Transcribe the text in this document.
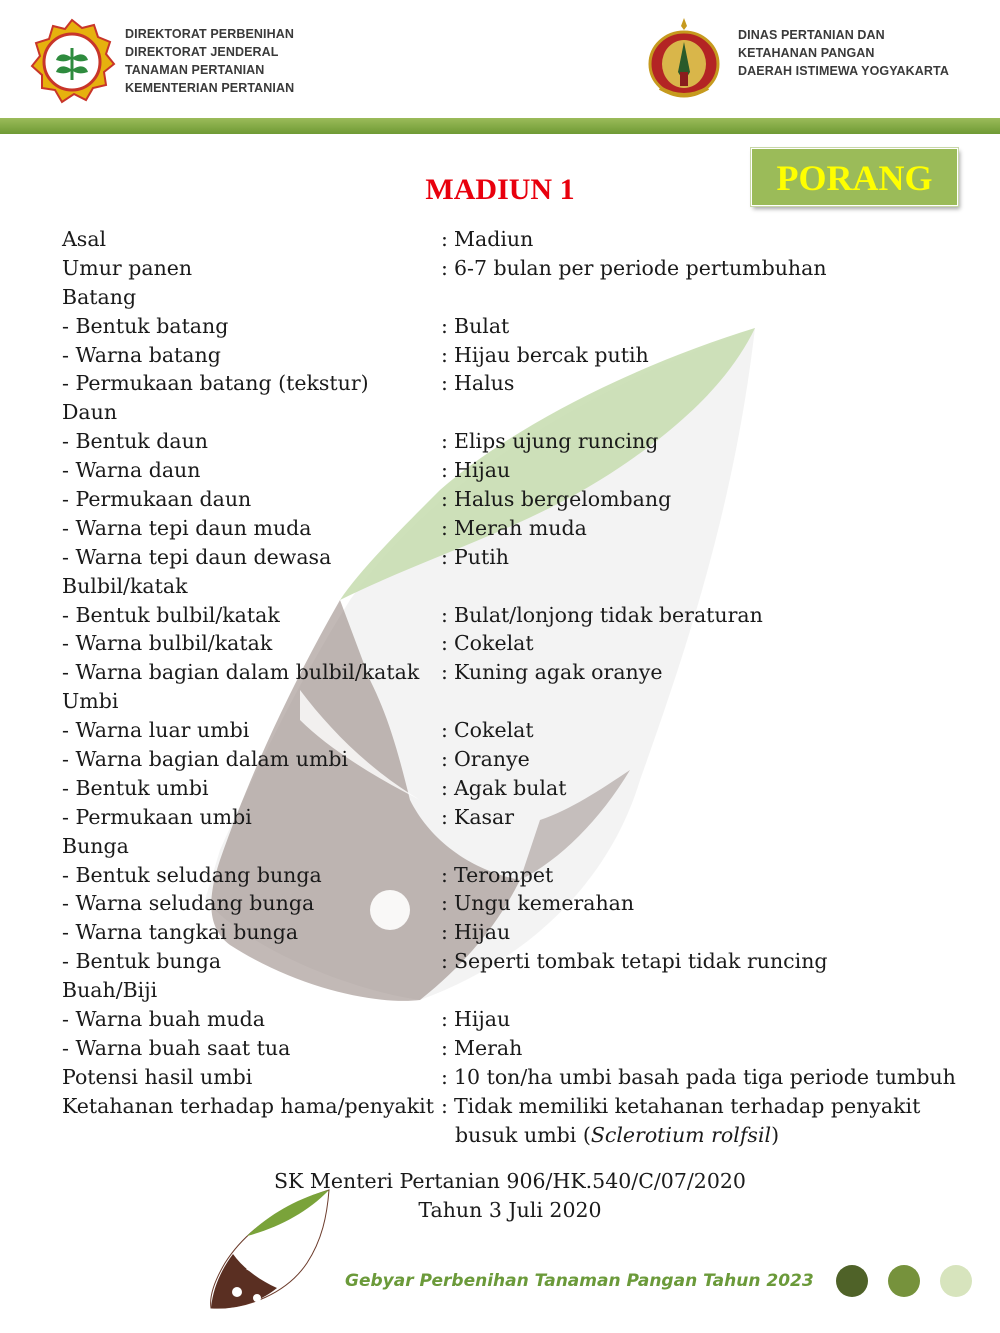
DIREKTORAT PERBENIHAN
DIREKTORAT JENDERAL
TANAMAN PERTANIAN
KEMENTERIAN PERTANIAN
DINAS PERTANIAN DAN
KETAHANAN PANGAN
DAERAH ISTIMEWA YOGYAKARTA
PORANG
MADIUN 1
Asal	: Madiun
Umur panen	: 6-7 bulan per periode pertumbuhan
Batang
- Bentuk batang	: Bulat
- Warna batang	: Hijau bercak putih
- Permukaan batang (tekstur)	: Halus
Daun
- Bentuk daun	: Elips ujung runcing
- Warna daun	: Hijau
- Permukaan daun	: Halus bergelombang
- Warna tepi daun muda	: Merah muda
- Warna tepi daun dewasa	: Putih
Bulbil/katak
- Bentuk bulbil/katak	: Bulat/lonjong tidak beraturan
- Warna bulbil/katak	: Cokelat
- Warna bagian dalam bulbil/katak : Kuning agak oranye
Umbi
- Warna luar umbi	: Cokelat
- Warna bagian dalam umbi	: Oranye
- Bentuk umbi	: Agak bulat
- Permukaan umbi	: Kasar
Bunga
- Bentuk seludang bunga	: Terompet
- Warna seludang bunga	: Ungu kemerahan
- Warna tangkai bunga	: Hijau
- Bentuk bunga	: Seperti tombak tetapi tidak runcing
Buah/Biji
- Warna buah muda	: Hijau
- Warna buah saat tua	: Merah
Potensi hasil umbi	: 10 ton/ha umbi basah pada tiga periode tumbuh
Ketahanan terhadap hama/penyakit : Tidak memiliki ketahanan terhadap penyakit
busuk umbi (Sclerotium rolfsil)
SK Menteri Pertanian 906/HK.540/C/07/2020
Tahun 3 Juli 2020
Gebyar Perbenihan Tanaman Pangan Tahun 2023
